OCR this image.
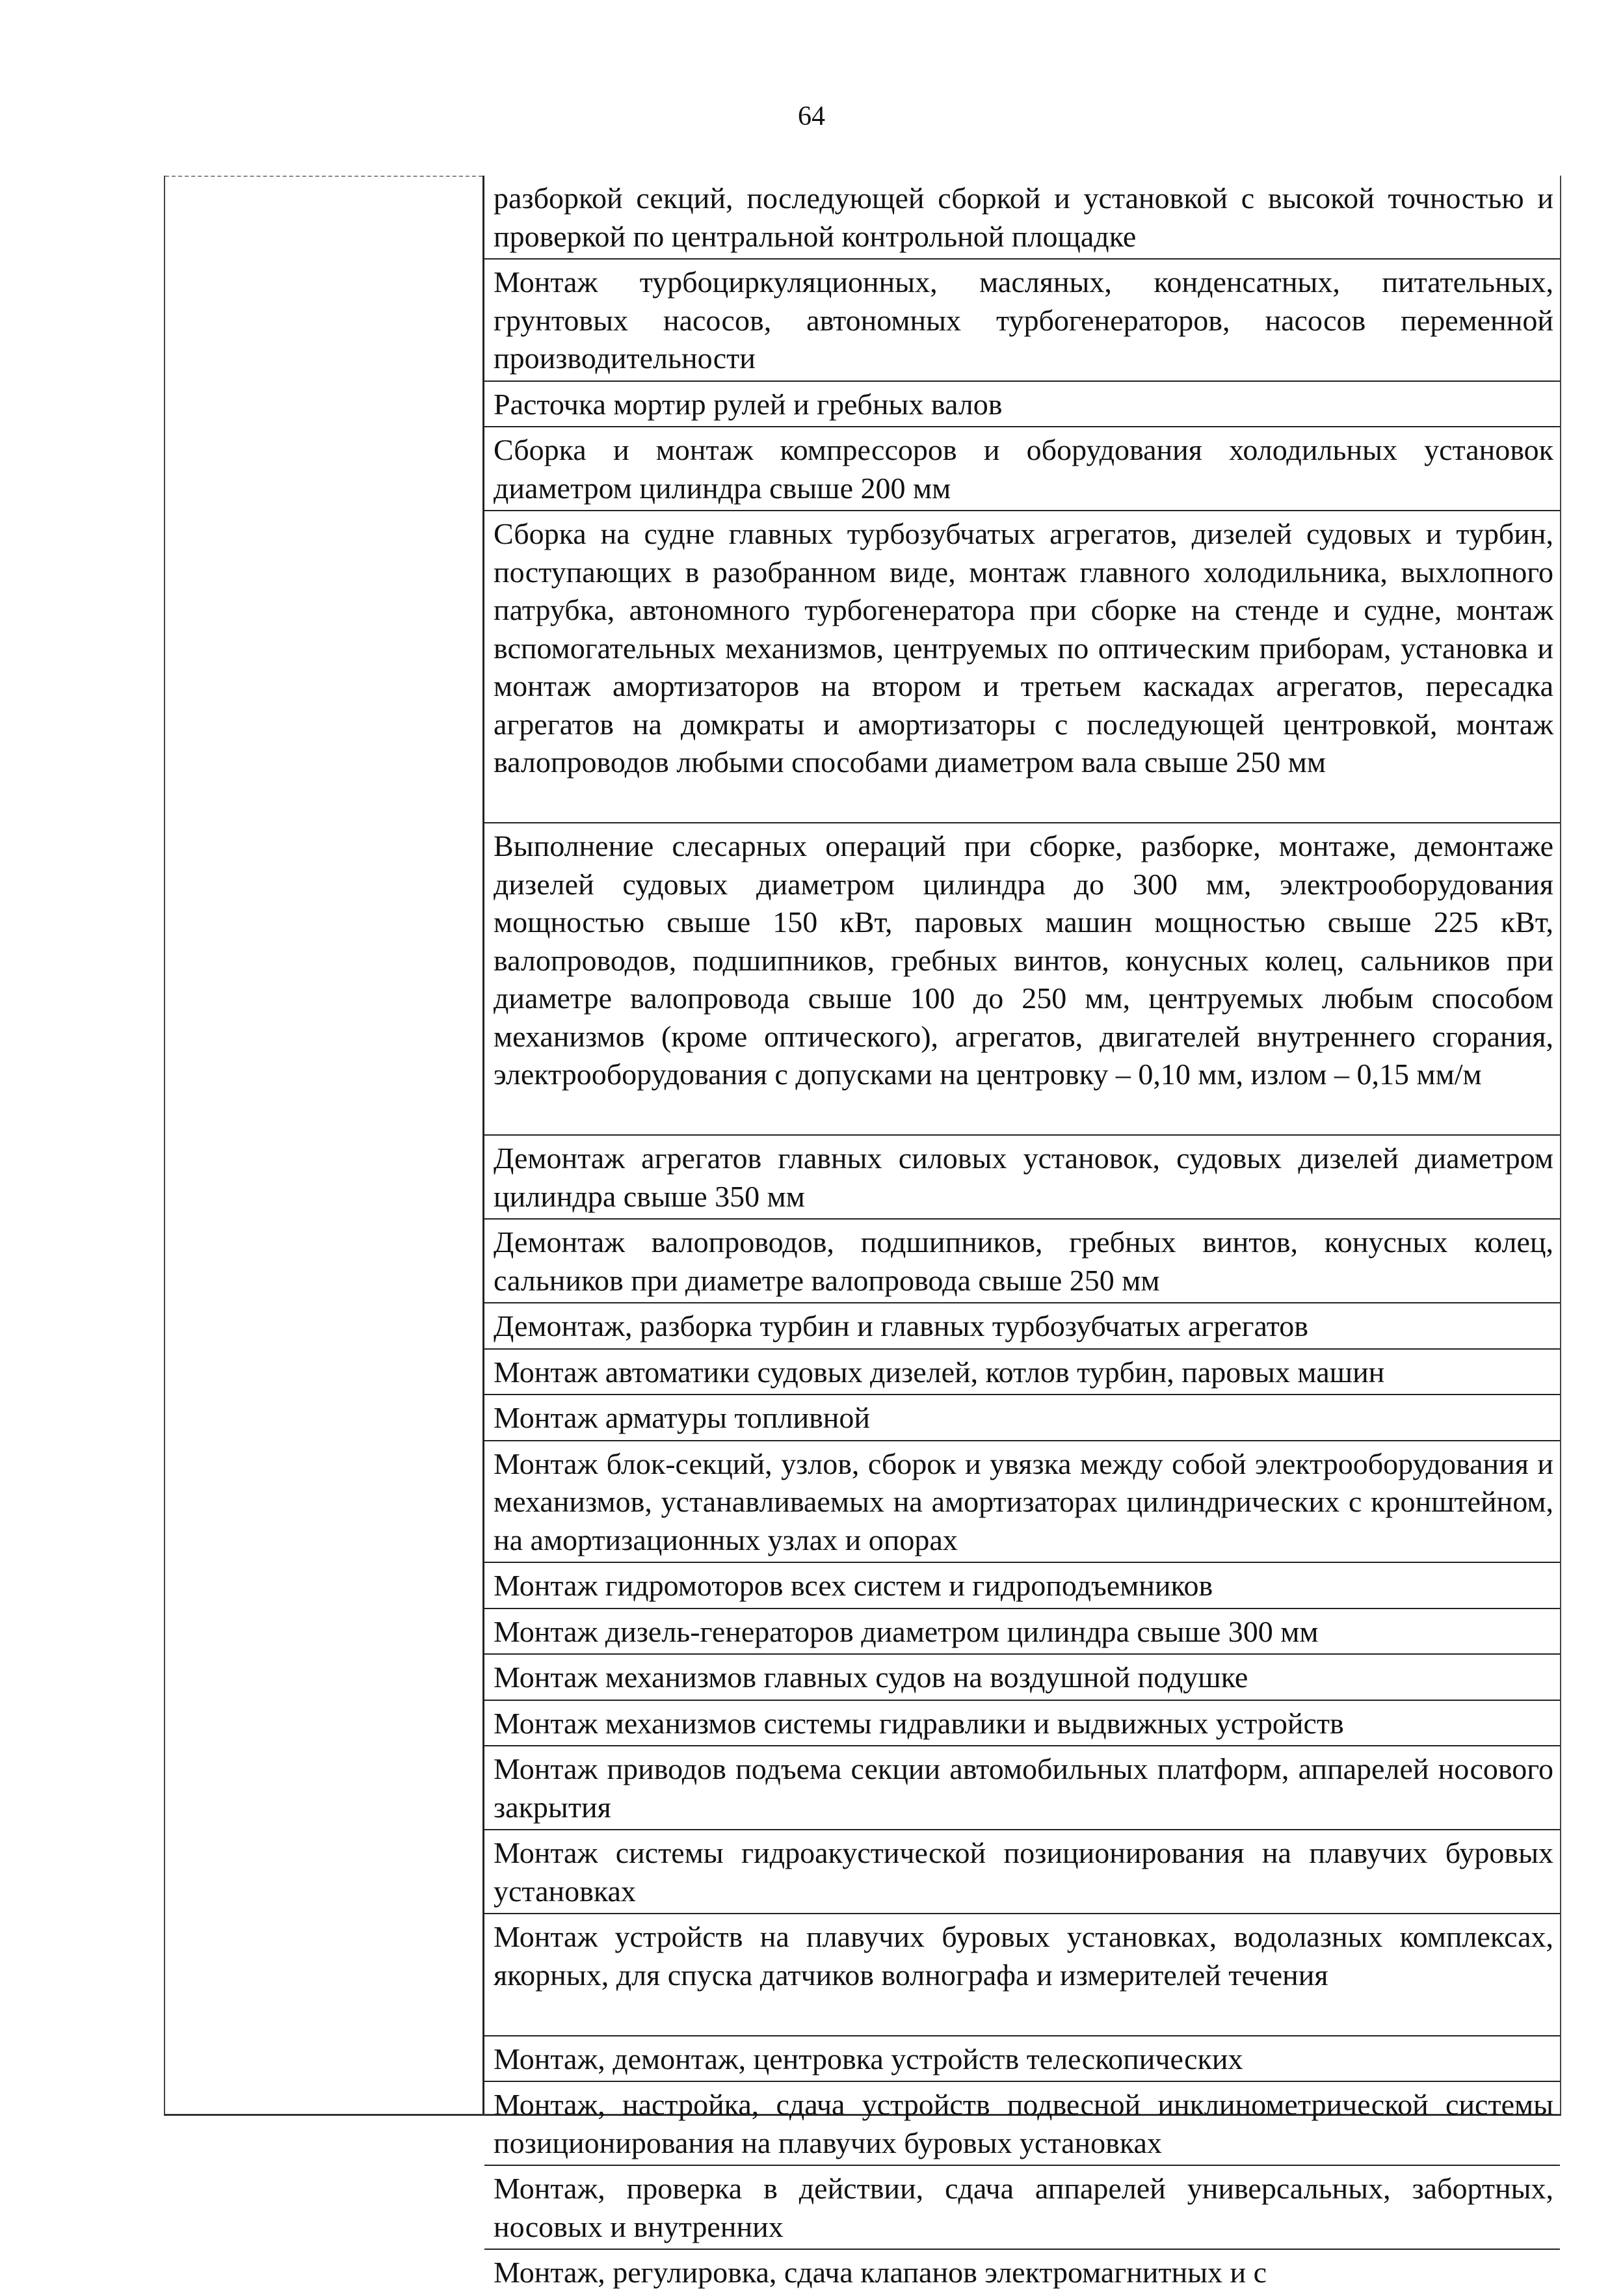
64
разборкой секций, последующей сборкой и установкой с высокой точностью и проверкой по центральной контрольной площадке
Монтаж турбоциркуляционных, масляных, конденсатных, питательных, грунтовых насосов, автономных турбогенераторов, насосов переменной производительности
Расточка мортир рулей и гребных валов
Сборка и монтаж компрессоров и оборудования холодильных установок диаметром цилиндра свыше 200 мм
Сборка на судне главных турбозубчатых агрегатов, дизелей судовых и турбин, поступающих в разобранном виде, монтаж главного холодильника, выхлопного патрубка, автономного турбогенератора при сборке на стенде и судне, монтаж вспомогательных механизмов, центруемых по оптическим приборам, установка и монтаж амортизаторов на втором и третьем каскадах агрегатов, пересадка агрегатов на домкраты и амортизаторы с последующей центровкой, монтаж валопроводов любыми способами диаметром вала свыше 250 мм
Выполнение слесарных операций при сборке, разборке, монтаже, демонтаже дизелей судовых диаметром цилиндра до 300 мм, электрооборудования мощностью свыше 150 кВт, паровых машин мощностью свыше 225 кВт, валопроводов, подшипников, гребных винтов, конусных колец, сальников при диаметре валопровода свыше 100 до 250 мм, центруемых любым способом механизмов (кроме оптического), агрегатов, двигателей внутреннего сгорания, электрооборудования с допусками на центровку – 0,10 мм, излом – 0,15 мм/м
Демонтаж агрегатов главных силовых установок, судовых дизелей диаметром цилиндра свыше 350 мм
Демонтаж валопроводов, подшипников, гребных винтов, конусных колец, сальников при диаметре валопровода свыше 250 мм
Демонтаж, разборка турбин и главных турбозубчатых агрегатов
Монтаж автоматики судовых дизелей, котлов турбин, паровых машин
Монтаж арматуры топливной
Монтаж блок-секций, узлов, сборок и увязка между собой электрооборудования и механизмов, устанавливаемых на амортизаторах цилиндрических с кронштейном, на амортизационных узлах и опорах
Монтаж гидромоторов всех систем и гидроподъемников
Монтаж дизель-генераторов диаметром цилиндра свыше 300 мм
Монтаж механизмов главных судов на воздушной подушке
Монтаж механизмов системы гидравлики и выдвижных устройств
Монтаж приводов подъема секции автомобильных платформ, аппарелей носового закрытия
Монтаж системы гидроакустической позиционирования на плавучих буровых установках
Монтаж устройств на плавучих буровых установках, водолазных комплексах, якорных, для спуска датчиков волнографа и измерителей течения
Монтаж, демонтаж, центровка устройств телескопических
Монтаж, настройка, сдача устройств подвесной инклинометрической системы позиционирования на плавучих буровых установках
Монтаж, проверка в действии, сдача аппарелей универсальных, забортных, носовых и внутренних
Монтаж, регулировка, сдача клапанов электромагнитных и с
